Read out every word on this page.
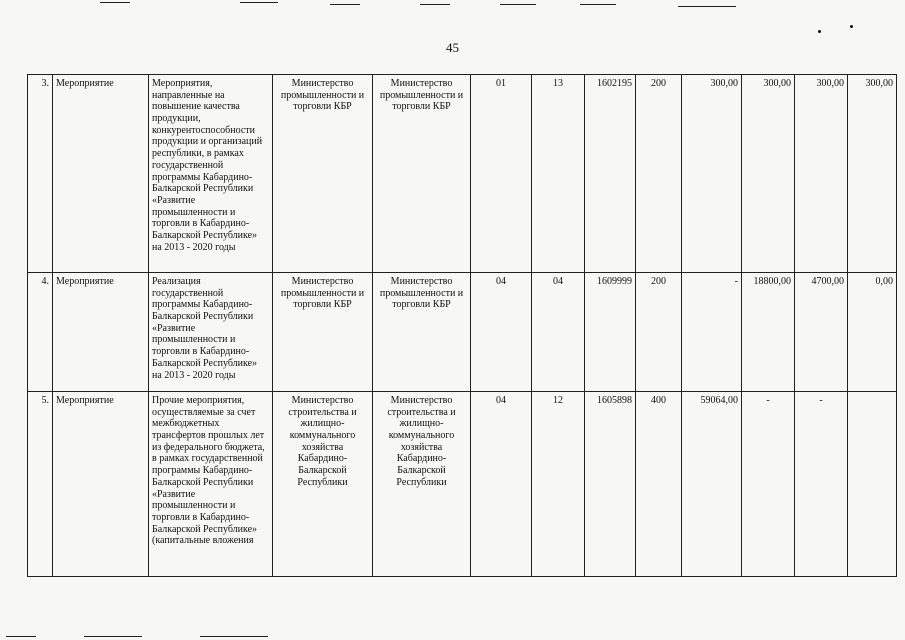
45
3.	Мероприятие	Мероприятия, направленные на повышение качества продукции, конкурентоспособности продукции и организаций республики, в рамках государственной программы Кабардино-Балкарской Республики «Развитие промышленности и торговли в Кабардино-Балкарской Республике» на 2013 - 2020 годы	Министерство промышленности и торговли КБР	Министерство промышленности и торговли КБР	01	13	1602195	200	300,00	300,00	300,00	300,00
4.	Мероприятие	Реализация государственной программы Кабардино-Балкарской Республики «Развитие промышленности и торговли в Кабардино-Балкарской Республике» на 2013 - 2020 годы	Министерство промышленности и торговли КБР	Министерство промышленности и торговли КБР	04	04	1609999	200	-	18800,00	4700,00	0,00
5.	Мероприятие	Прочие мероприятия, осуществляемые за счет межбюджетных трансфертов прошлых лет из федерального бюджета, в рамках государственной программы Кабардино-Балкарской Республики «Развитие промышленности и торговли в Кабардино-Балкарской Республике» (капитальные вложения	Министерство строительства и жилищно-коммунального хозяйства Кабардино-Балкарской Республики	Министерство строительства и жилищно-коммунального хозяйства Кабардино-Балкарской Республики	04	12	1605898	400	59064,00	-	-	
